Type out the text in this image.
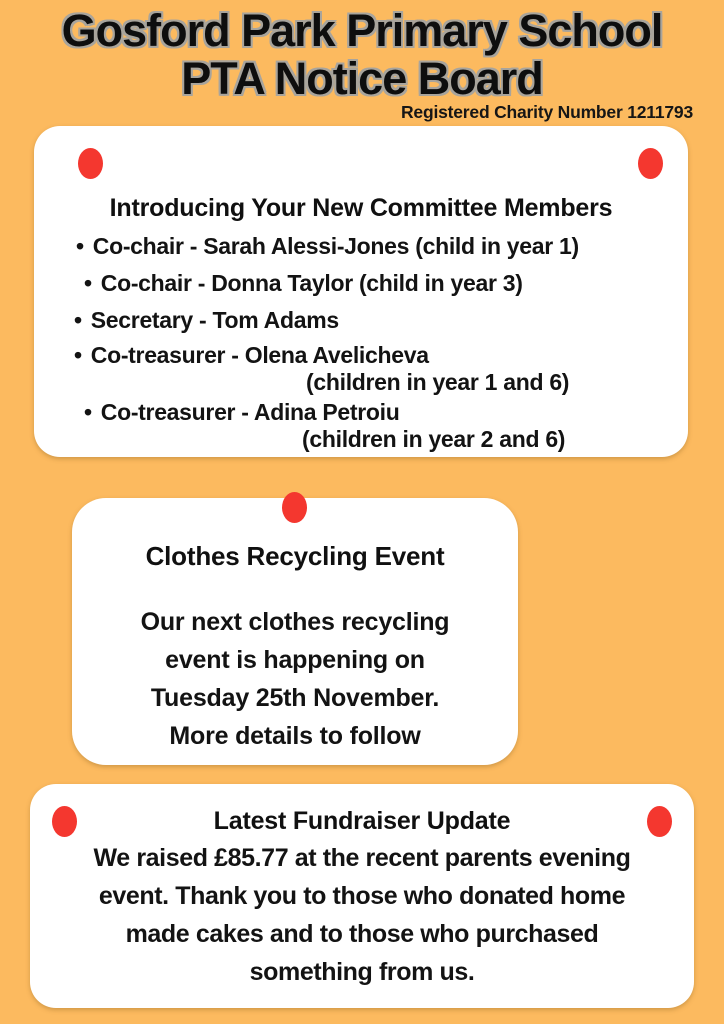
Gosford Park Primary School
PTA Notice Board
Registered Charity Number 1211793
Introducing Your New Committee Members
• Co-chair - Sarah Alessi-Jones (child in year 1)
• Co-chair - Donna Taylor (child in year 3)
• Secretary - Tom Adams
• Co-treasurer - Olena Avelicheva
(children in year 1 and 6)
• Co-treasurer - Adina Petroiu
(children in year 2 and 6)
Clothes Recycling Event
Our next clothes recycling
event is happening on
Tuesday 25th November.
More details to follow
Latest Fundraiser Update
We raised £85.77 at the recent parents evening
event. Thank you to those who donated home
made cakes and to those who purchased
something from us.
